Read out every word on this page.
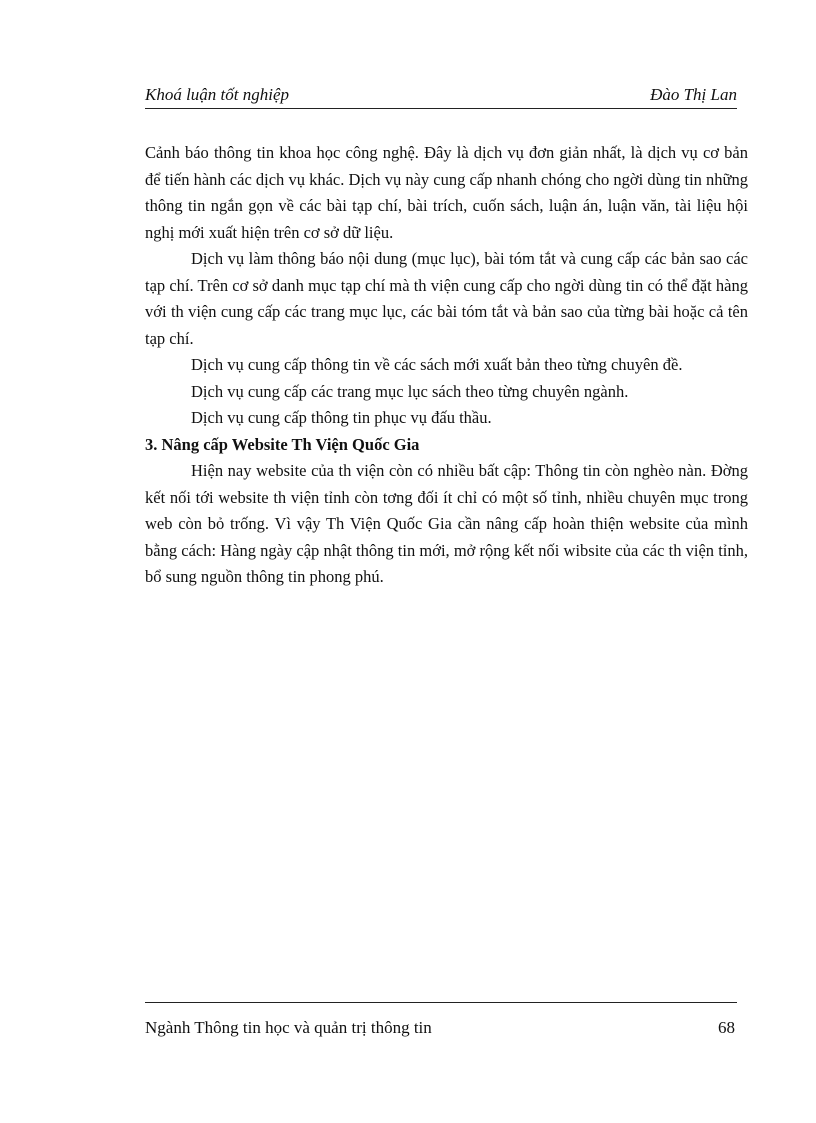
Khoá luận tốt nghiệp	Đào Thị Lan

Cảnh báo thông tin khoa học công nghệ. Đây là dịch vụ đơn giản nhất, là dịch vụ cơ bản để tiến hành các dịch vụ khác. Dịch vụ này cung cấp nhanh chóng cho ngời dùng tin những thông tin ngắn gọn về các bài tạp chí, bài trích, cuốn sách, luận án, luận văn, tài liệu hội nghị mới xuất hiện trên cơ sở dữ liệu.

Dịch vụ làm thông báo nội dung (mục lục), bài tóm tắt và cung cấp các bản sao các tạp chí. Trên cơ sở danh mục tạp chí mà th viện cung cấp cho ngời dùng tin có thể đặt hàng với th viện cung cấp các trang mục lục, các bài tóm tắt và bản sao của từng bài hoặc cả tên tạp chí.

Dịch vụ cung cấp thông tin về các sách mới xuất bản theo từng chuyên đề.

Dịch vụ cung cấp các trang mục lục sách theo từng chuyên ngành.

Dịch vụ cung cấp thông tin phục vụ đấu thầu.

3. Nâng cấp Website Th Viện Quốc Gia

Hiện nay website của th viện còn có nhiều bất cập: Thông tin còn nghèo nàn. Đờng kết nối tới website th viện tỉnh còn tơng đối ít chỉ có một số tỉnh, nhiều chuyên mục trong web còn bỏ trống. Vì vậy Th Viện Quốc Gia cần nâng cấp hoàn thiện website của mình bằng cách: Hàng ngày cập nhật thông tin mới, mở rộng kết nối wibsite của các th viện tỉnh, bổ sung nguồn thông tin phong phú.

Ngành Thông tin học và quản trị thông tin	68
